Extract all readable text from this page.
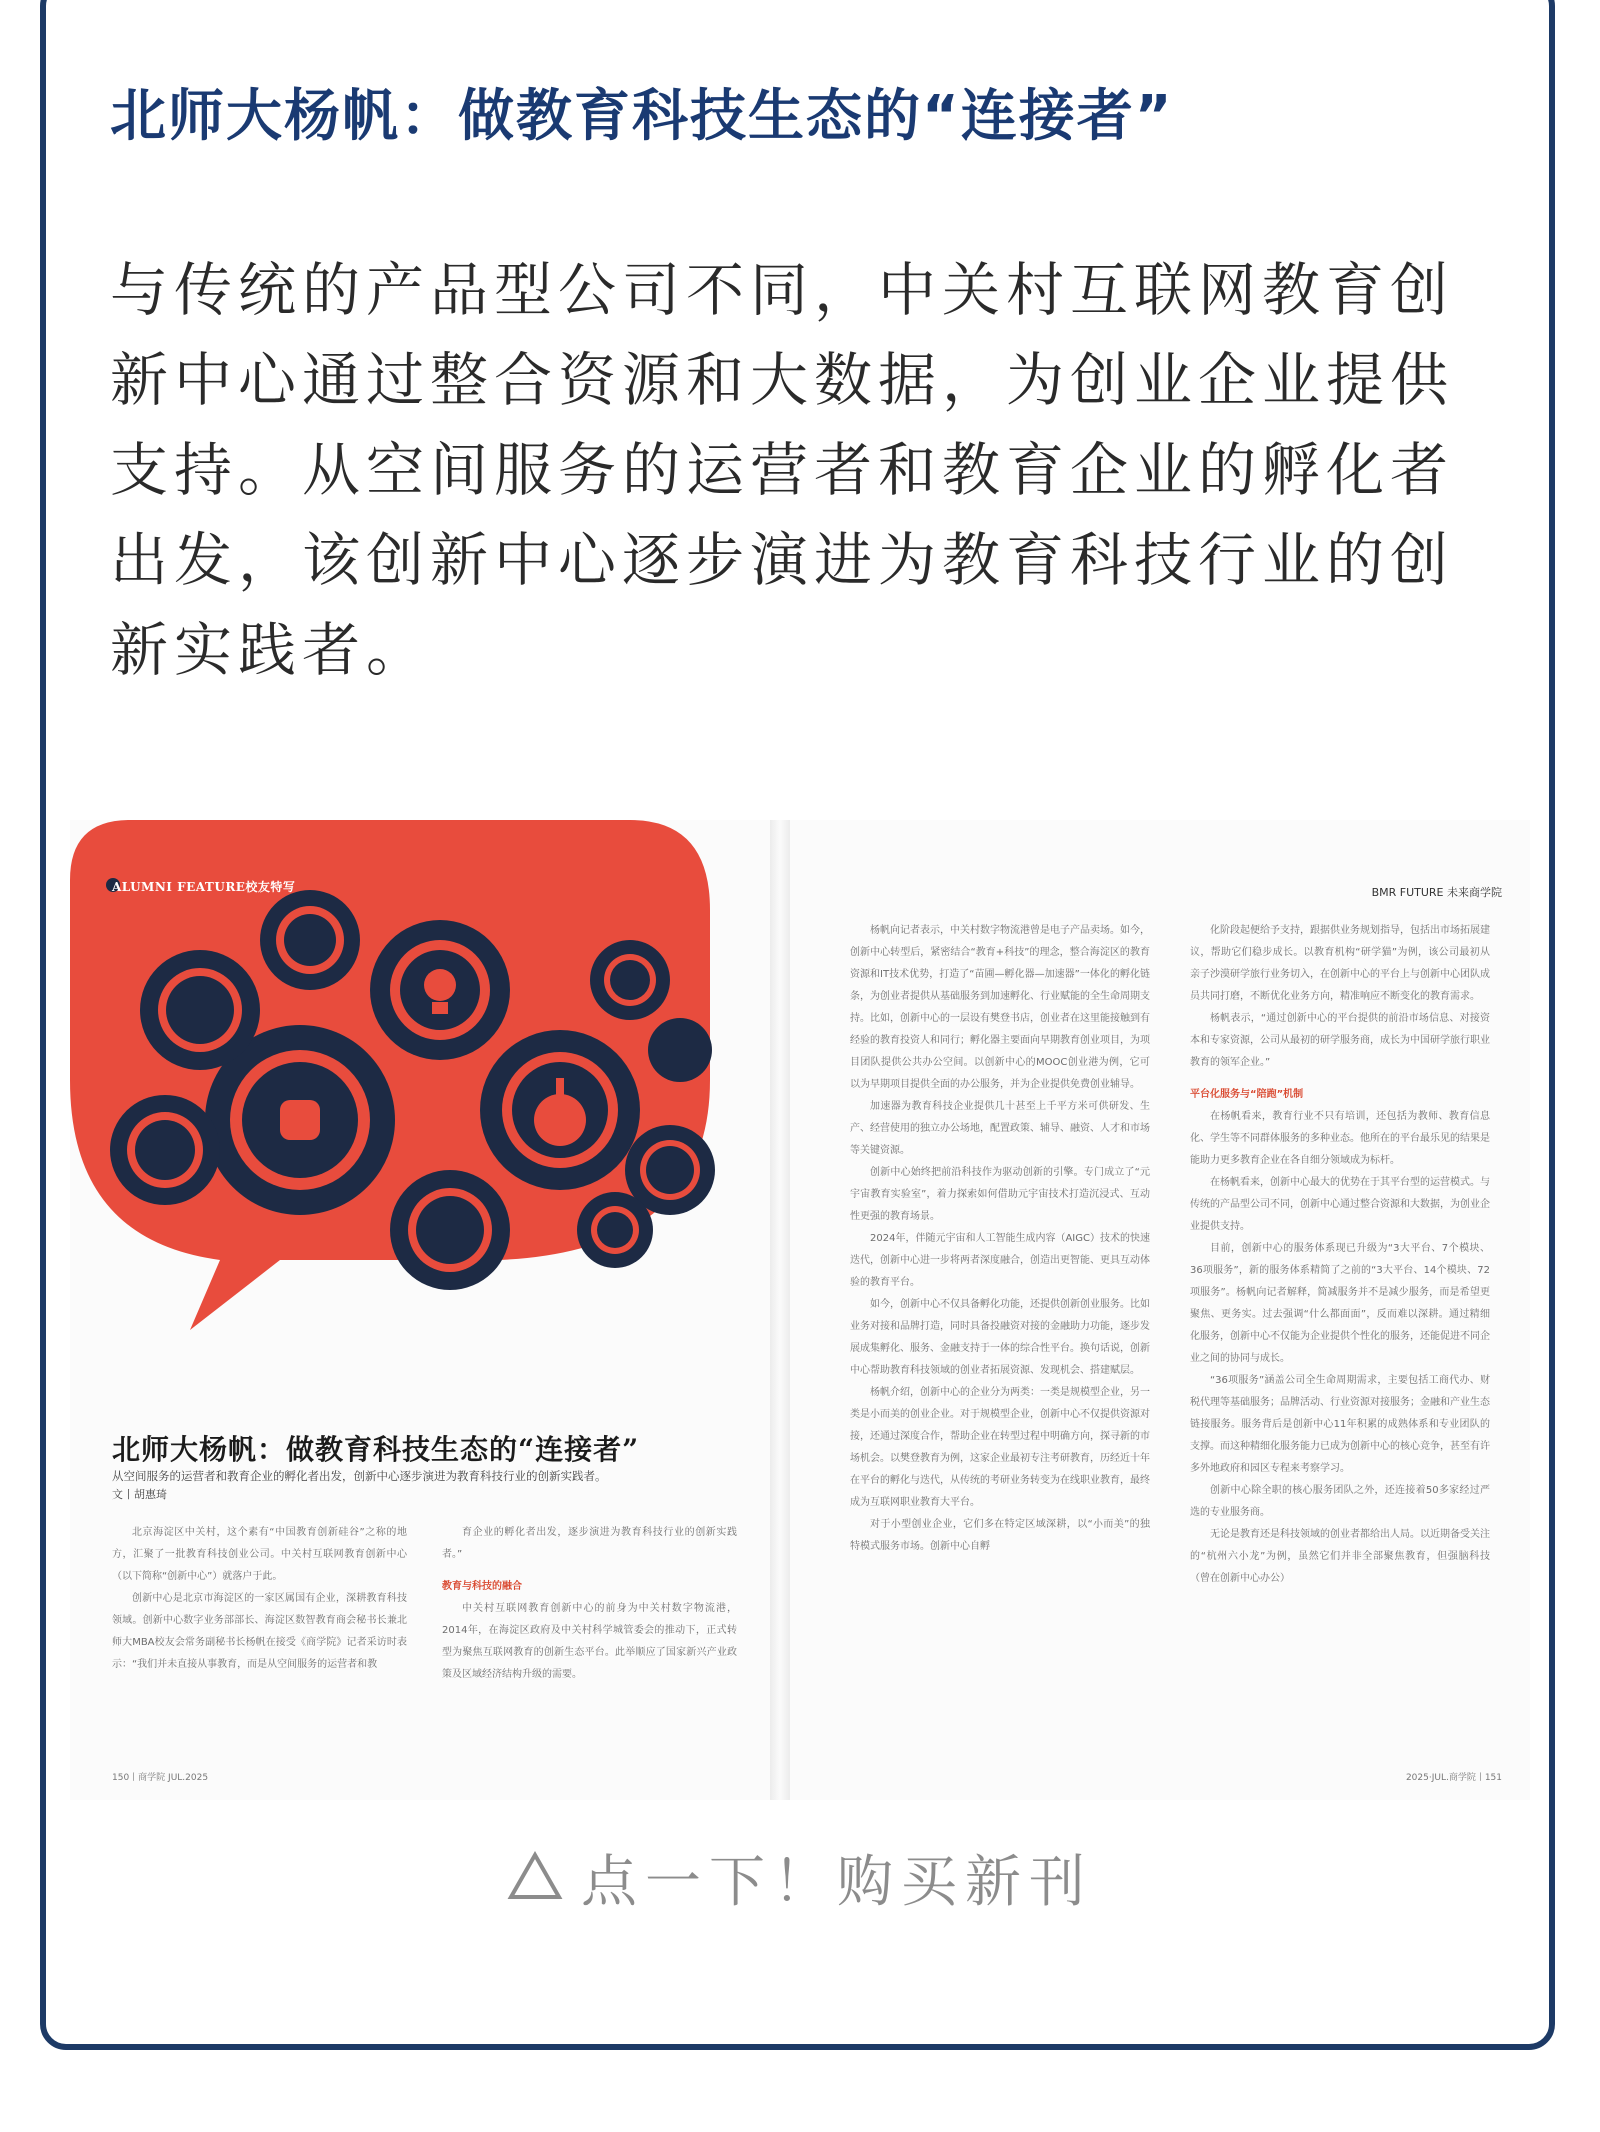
北师大杨帆：做教育科技生态的“连接者”

与传统的产品型公司不同，中关村互联网教育创新中心通过整合资源和大数据，为创业企业提供支持。从空间服务的运营者和教育企业的孵化者出发，该创新中心逐步演进为教育科技行业的创新实践者。

ALUMNI FEATURE校友特写
北师大杨帆：做教育科技生态的“连接者”
从空间服务的运营者和教育企业的孵化者出发，创新中心逐步演进为教育科技行业的创新实践者。
文丨胡惠琦

北京海淀区中关村，这个素有“中国教育创新硅谷”之称的地方，汇聚了一批教育科技创业公司。中关村互联网教育创新中心（以下简称“创新中心”）就落户于此。

创新中心是北京市海淀区的一家区属国有企业，深耕教育科技领域。创新中心数字业务部部长、海淀区数智教育商会秘书长兼北师大MBA校友会常务副秘书长杨帆在接受《商学院》记者采访时表示：“我们并未直接从事教育，而是从空间服务的运营者和教

育企业的孵化者出发，逐步演进为教育科技行业的创新实践者。”

教育与科技的融合

中关村互联网教育创新中心的前身为中关村数字物流港，2014年，在海淀区政府及中关村科学城管委会的推动下，正式转型为聚焦互联网教育的创新生态平台。此举顺应了国家新兴产业政策及区域经济结构升级的需要。

150丨商学院 JUL.2025
BMR FUTURE 未来商学院

杨帆向记者表示，中关村数字物流港曾是电子产品卖场。如今，创新中心转型后，紧密结合“教育+科技”的理念，整合海淀区的教育资源和IT技术优势，打造了“苗圃—孵化器—加速器”一体化的孵化链条，为创业者提供从基础服务到加速孵化、行业赋能的全生命周期支持。比如，创新中心的一层设有樊登书店，创业者在这里能接触到有经验的教育投资人和同行；孵化器主要面向早期教育创业项目，为项目团队提供公共办公空间。以创新中心的MOOC创业港为例，它可以为早期项目提供全面的办公服务，并为企业提供免费创业辅导。

加速器为教育科技企业提供几十甚至上千平方米可供研发、生产、经营使用的独立办公场地，配置政策、辅导、融资、人才和市场等关键资源。

创新中心始终把前沿科技作为驱动创新的引擎。专门成立了“元宇宙教育实验室”，着力探索如何借助元宇宙技术打造沉浸式、互动性更强的教育场景。

2024年，伴随元宇宙和人工智能生成内容（AIGC）技术的快速迭代，创新中心进一步将两者深度融合，创造出更智能、更具互动体验的教育平台。

如今，创新中心不仅具备孵化功能，还提供创新创业服务。比如业务对接和品牌打造，同时具备投融资对接的金融助力功能，逐步发展成集孵化、服务、金融支持于一体的综合性平台。换句话说，创新中心帮助教育科技领域的创业者拓展资源、发现机会、搭建赋层。

杨帆介绍，创新中心的企业分为两类：一类是规模型企业，另一类是小而美的创业企业。对于规模型企业，创新中心不仅提供资源对接，还通过深度合作，帮助企业在转型过程中明确方向，探寻新的市场机会。以樊登教育为例，这家企业最初专注考研教育，历经近十年在平台的孵化与迭代，从传统的考研业务转变为在线职业教育，最终成为互联网职业教育大平台。

对于小型创业企业，它们多在特定区域深耕，以“小而美”的独特模式服务市场。创新中心自孵

化阶段起便给予支持，跟据供业务规划指导，包括出市场拓展建议，帮助它们稳步成长。以教育机构“研学猫”为例，该公司最初从亲子沙漠研学旅行业务切入，在创新中心的平台上与创新中心团队成员共同打磨，不断优化业务方向，精准响应不断变化的教育需求。

杨帆表示，“通过创新中心的平台提供的前沿市场信息、对接资本和专家资源，公司从最初的研学服务商，成长为中国研学旅行职业教育的领军企业。”

平台化服务与“陪跑”机制

在杨帆看来，教育行业不只有培训，还包括为教师、教育信息化、学生等不同群体服务的多种业态。他所在的平台最乐见的结果是能助力更多教育企业在各自细分领域成为标杆。

在杨帆看来，创新中心最大的优势在于其平台型的运营模式。与传统的产品型公司不同，创新中心通过整合资源和大数据，为创业企业提供支持。

目前，创新中心的服务体系现已升级为“3大平台、7个模块、36项服务”，新的服务体系精简了之前的“3大平台、14个模块、72项服务”。杨帆向记者解释，简减服务并不是减少服务，而是希望更聚焦、更务实。过去强调“什么都面面”，反而难以深耕。通过精细化服务，创新中心不仅能为企业提供个性化的服务，还能促进不同企业之间的协同与成长。

“36项服务”涵盖公司全生命周期需求，主要包括工商代办、财税代理等基础服务；品牌活动、行业资源对接服务；金融和产业生态链接服务。服务背后是创新中心11年积累的成熟体系和专业团队的支撑。而这种精细化服务能力已成为创新中心的核心竞争，甚至有许多外地政府和园区专程来考察学习。

创新中心除全职的核心服务团队之外，还连接着50多家经过严选的专业服务商。

无论是教育还是科技领域的创业者都给出人局。以近期备受关注的“杭州六小龙”为例，虽然它们并非全部聚焦教育，但强脑科技（曾在创新中心办公）

2025·JUL.商学院丨151
点一下！购买新刊
